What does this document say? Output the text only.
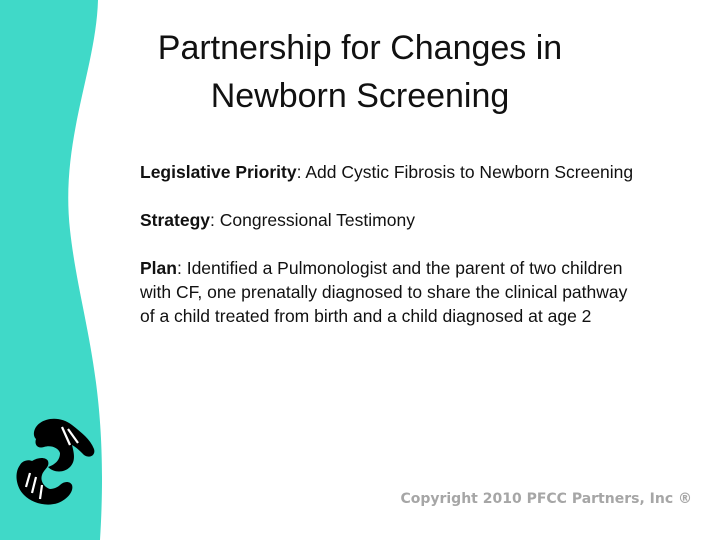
Partnership for Changes in
Newborn Screening

Legislative Priority: Add Cystic Fibrosis to Newborn Screening

Strategy: Congressional Testimony

Plan: Identified a Pulmonologist and the parent of two children with CF, one prenatally diagnosed to share the clinical pathway of a child treated from birth and a child diagnosed at age 2

Copyright 2010 PFCC Partners, Inc ®
